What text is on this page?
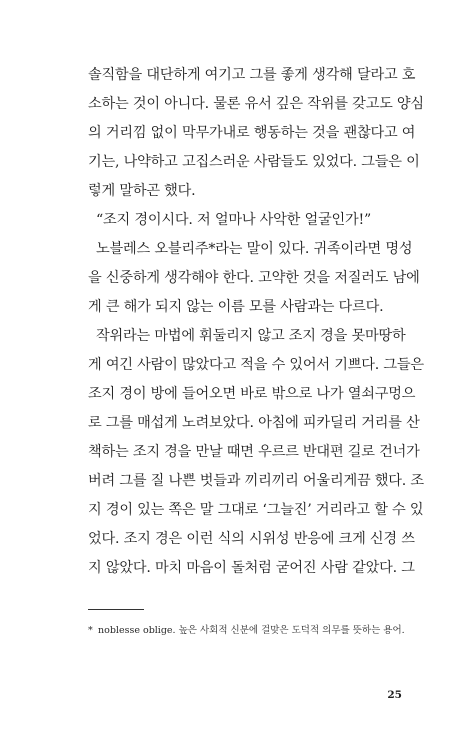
솔직함을 대단하게 여기고 그를 좋게 생각해 달라고 호
소하는 것이 아니다. 물론 유서 깊은 작위를 갖고도 양심
의 거리낌 없이 막무가내로 행동하는 것을 괜찮다고 여
기는, 나약하고 고집스러운 사람들도 있었다. 그들은 이
렇게 말하곤 했다.
“조지 경이시다. 저 얼마나 사악한 얼굴인가!”
노블레스 오블리주*라는 말이 있다. 귀족이라면 명성
을 신중하게 생각해야 한다. 고약한 것을 저질러도 남에
게 큰 해가 되지 않는 이름 모를 사람과는 다르다.
작위라는 마법에 휘둘리지 않고 조지 경을 못마땅하
게 여긴 사람이 많았다고 적을 수 있어서 기쁘다. 그들은
조지 경이 방에 들어오면 바로 밖으로 나가 열쇠구멍으
로 그를 매섭게 노려보았다. 아침에 피카딜리 거리를 산
책하는 조지 경을 만날 때면 우르르 반대편 길로 건너가
버려 그를 질 나쁜 벗들과 끼리끼리 어울리게끔 했다. 조
지 경이 있는 쪽은 말 그대로 ‘그늘진’ 거리라고 할 수 있
었다. 조지 경은 이런 식의 시위성 반응에 크게 신경 쓰
지 않았다. 마치 마음이 돌처럼 굳어진 사람 같았다. 그
* noblesse oblige. 높은 사회적 신분에 걸맞은 도덕적 의무를 뜻하는 용어.
25
